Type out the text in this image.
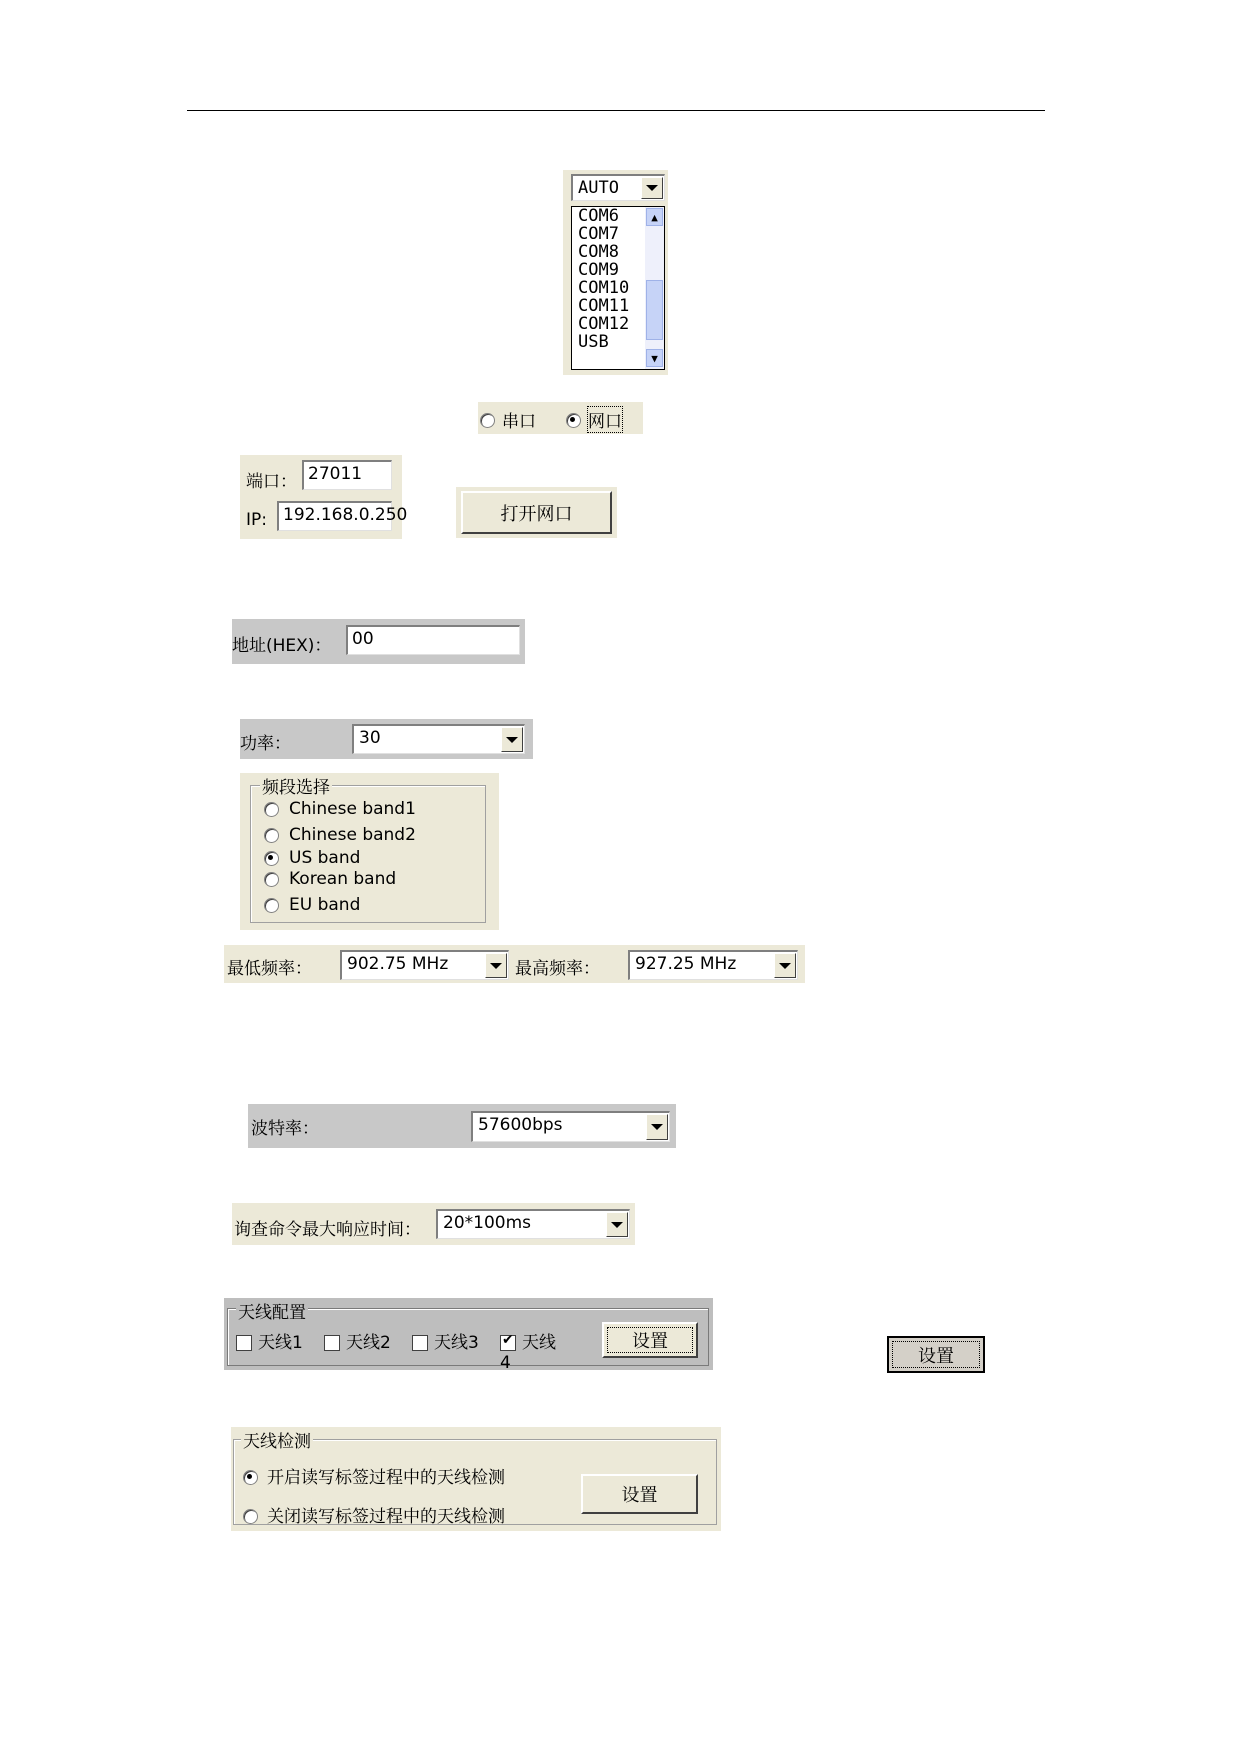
AUTO
COM6
COM7
COM8
COM9
COM10
COM11
COM12
USB
▲
▼
串口	网口
端口： 27011
IP: 192.168.0.250	打开网口
地址(HEX)：	00
功率：	30
频段选择
Chinese band1
Chinese band2
US band
Korean band
EU band
最低频率： 902.75 MHz	最高频率： 927.25 MHz
波特率：	57600bps
询查命令最大响应时间： 20*100ms
天线配置
天线1	天线2	天线3
✔	天线4
设置
设置
天线检测
开启读写标签过程中的天线检测
关闭读写标签过程中的天线检测
设置
